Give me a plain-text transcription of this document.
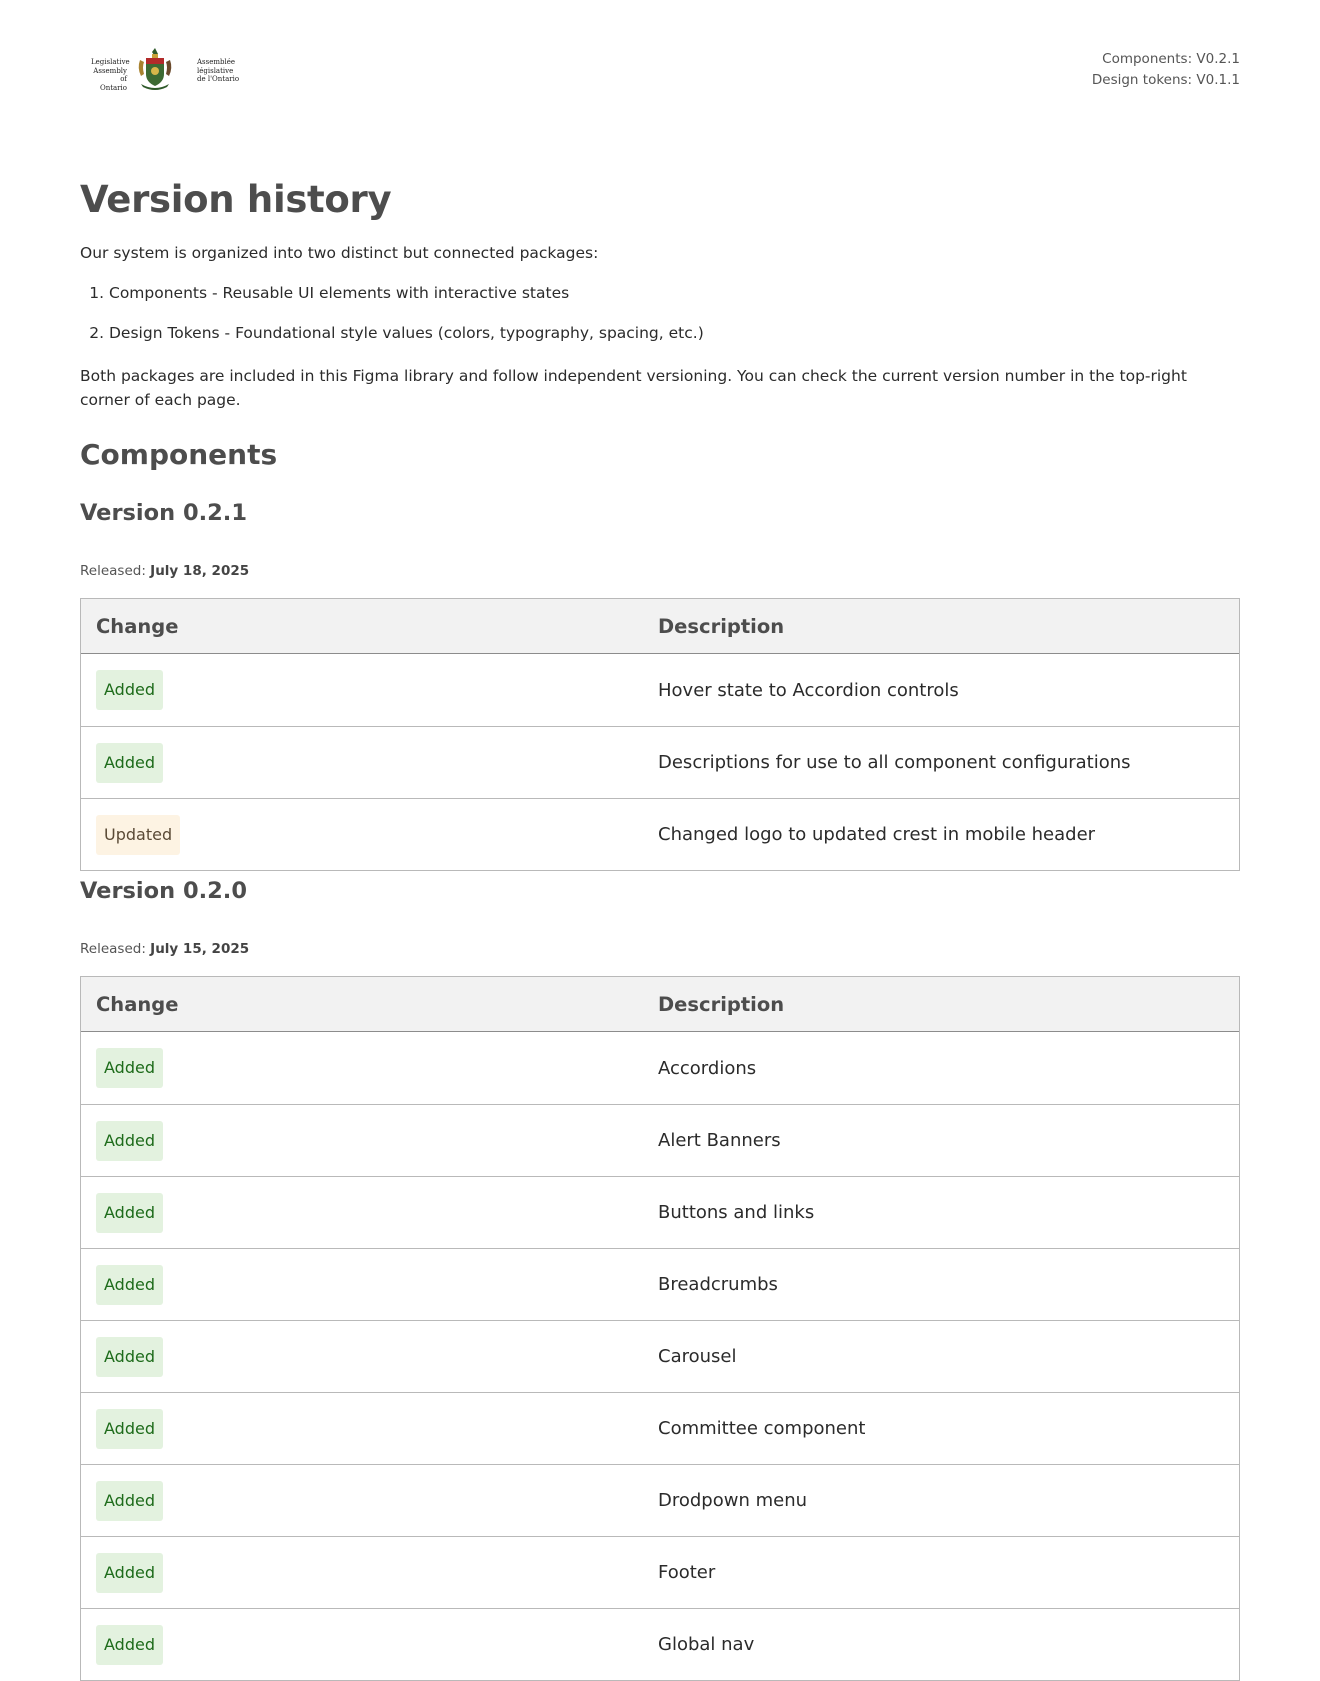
Legislative
Assembly
of Ontario
Assemblée
législative
de l'Ontario
Components: V0.2.1
Design tokens: V0.1.1
Version history

Our system is organized into two distinct but connected packages:

1. Components - Reusable UI elements with interactive states
2. Design Tokens - Foundational style values (colors, typography, spacing, etc.)

Both packages are included in this Figma library and follow independent versioning. You can check the current version number in the top-right corner of each page.

Components
Version 0.2.1

Released: July 18, 2025

Change	Description
Added	Hover state to Accordion controls
Added	Descriptions for use to all component configurations
Updated	Changed logo to updated crest in mobile header
Version 0.2.0

Released: July 15, 2025

Change	Description
Added	Accordions
Added	Alert Banners
Added	Buttons and links
Added	Breadcrumbs
Added	Carousel
Added	Committee component
Added	Drodpown menu
Added	Footer
Added	Global nav
